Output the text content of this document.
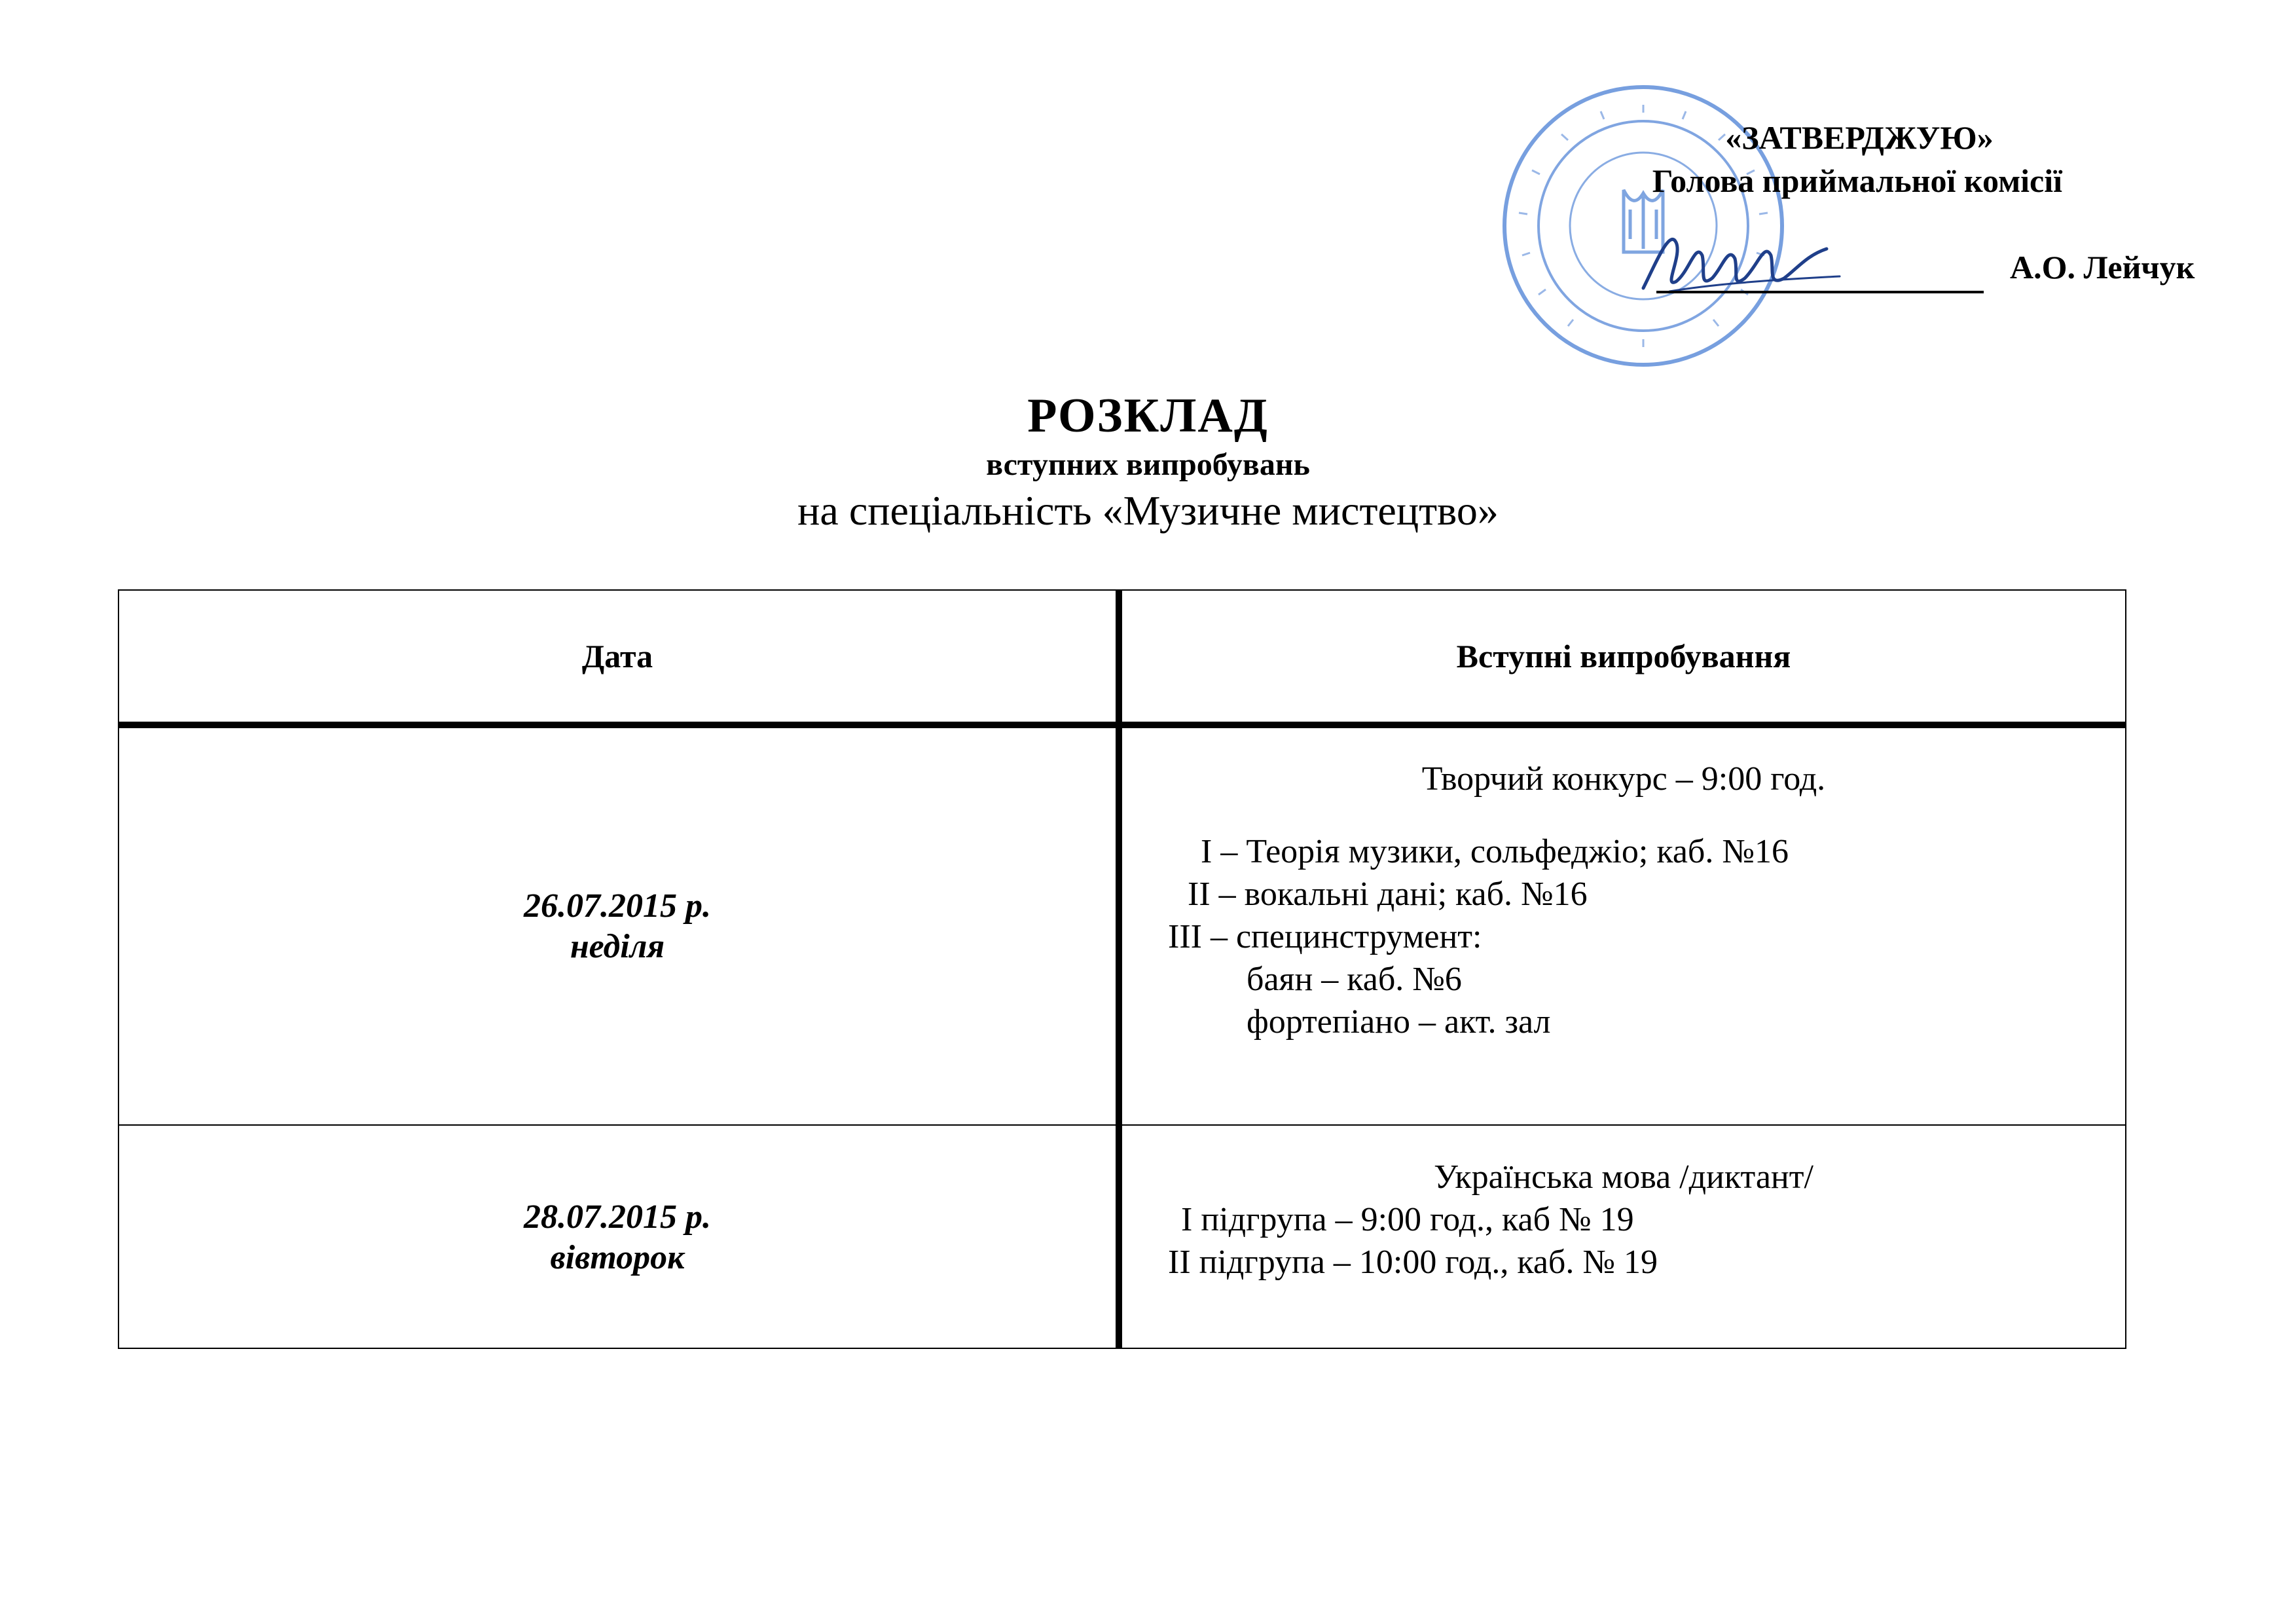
«ЗАТВЕРДЖУЮ»
Голова приймальної комісії
А.О. Лейчук
РОЗКЛАД
вступних випробувань
на спеціальність «Музичне мистецтво»
Дата	Вступні випробування
26.07.2015 р.
неділя
Творчий конкурс – 9:00 год.
I – Теорія музики, сольфеджіо; каб. №16
II – вокальні дані; каб. №16
III – специнструмент:
баян – каб. №6
фортепіано – акт. зал
28.07.2015 р.
вівторок
Українська мова /диктант/
I підгрупа – 9:00 год., каб № 19
II підгрупа – 10:00 год., каб. № 19
